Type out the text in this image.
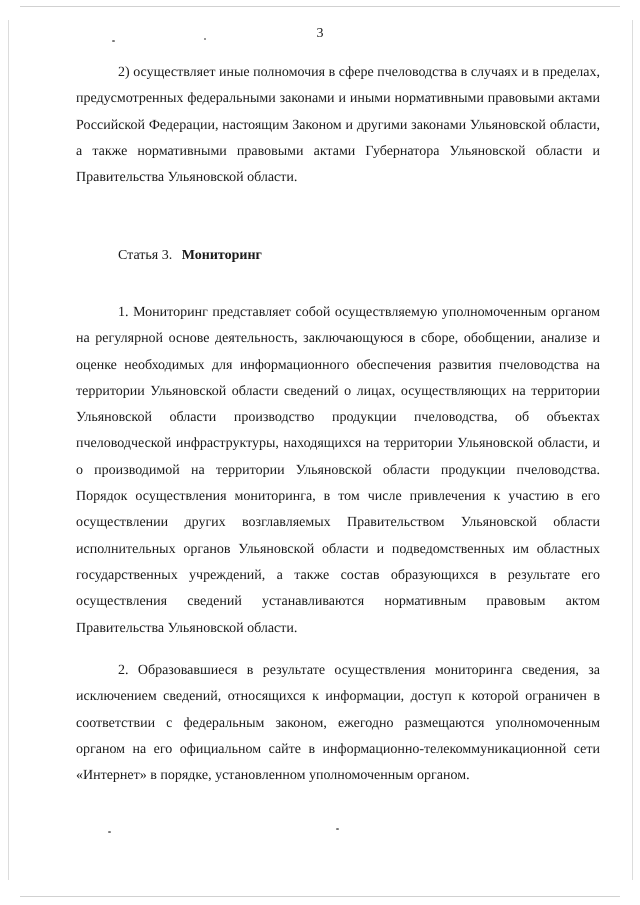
3

2) осуществляет иные полномочия в сфере пчеловодства в случаях и в пределах, предусмотренных федеральными законами и иными нормативными правовыми актами Российской Федерации, настоящим Законом и другими законами Ульяновской области, а также нормативными правовыми актами Губернатора Ульяновской области и Правительства Ульяновской области.

Статья 3. Мониторинг

1. Мониторинг представляет собой осуществляемую уполномоченным органом на регулярной основе деятельность, заключающуюся в сборе, обобщении, анализе и оценке необходимых для информационного обеспечения развития пчеловодства на территории Ульяновской области сведений о лицах, осуществляющих на территории Ульяновской области производство продукции пчеловодства, об объектах пчеловодческой инфраструктуры, находящихся на территории Ульяновской области, и о производимой на территории Ульяновской области продукции пчеловодства. Порядок осуществления мониторинга, в том числе привлечения к участию в его осуществлении других возглавляемых Правительством Ульяновской области исполнительных органов Ульяновской области и подведомственных им областных государственных учреждений, а также состав образующихся в результате его осуществления сведений устанавливаются нормативным правовым актом Правительства Ульяновской области.

2. Образовавшиеся в результате осуществления мониторинга сведения, за исключением сведений, относящихся к информации, доступ к которой ограничен в соответствии с федеральным законом, ежегодно размещаются уполномоченным органом на его официальном сайте в информационно-телекоммуникационной сети «Интернет» в порядке, установленном уполномоченным органом.
